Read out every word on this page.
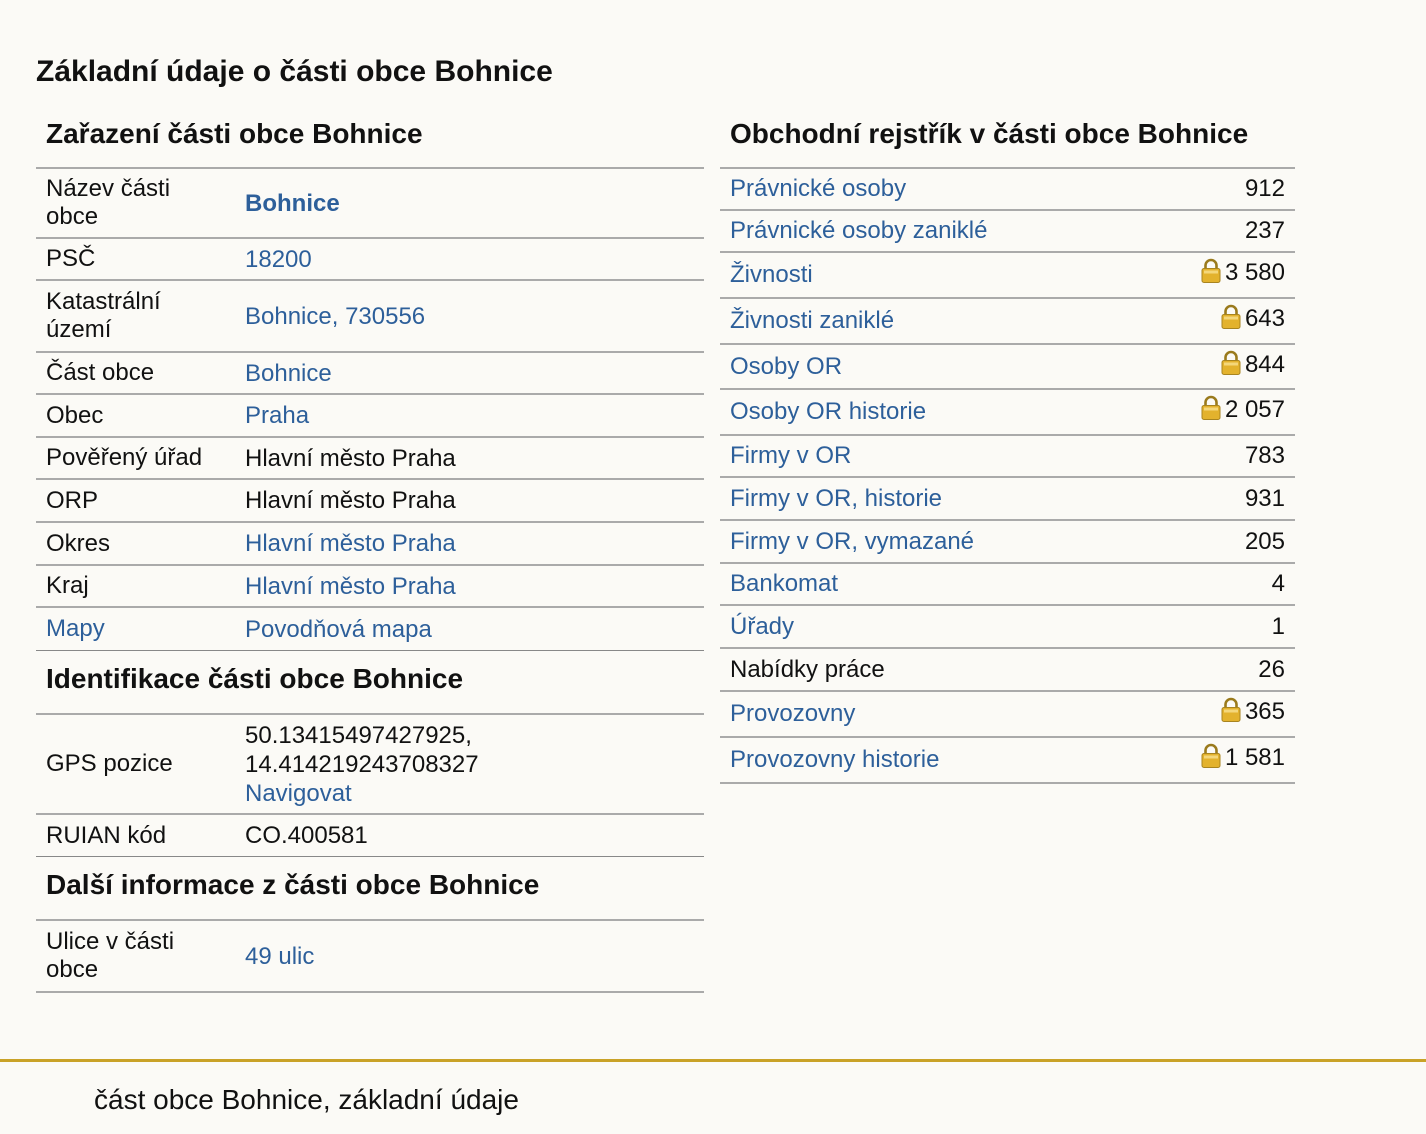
Základní údaje o části obce Bohnice
Zařazení části obce Bohnice
Název části obce	Bohnice
PSČ	18200
Katastrální území	Bohnice, 730556
Část obce	Bohnice
Obec	Praha
Pověřený úřad	Hlavní město Praha
ORP	Hlavní město Praha
Okres	Hlavní město Praha
Kraj	Hlavní město Praha
Mapy	Povodňová mapa
Identifikace části obce Bohnice
GPS pozice	50.13415497427925,
14.414219243708327
Navigovat

RUIAN kód	CO.400581
Další informace z části obce Bohnice
Ulice v části obce	49 ulic
Obchodní rejstřík v části obce Bohnice
Právnické osoby	912
Právnické osoby zaniklé	237
Živnosti	3 580
Živnosti zaniklé	643
Osoby OR	844
Osoby OR historie	2 057
Firmy v OR	783
Firmy v OR, historie	931
Firmy v OR, vymazané	205
Bankomat	4
Úřady	1
Nabídky práce	26
Provozovny	365
Provozovny historie	1 581
část obce Bohnice, základní údaje
